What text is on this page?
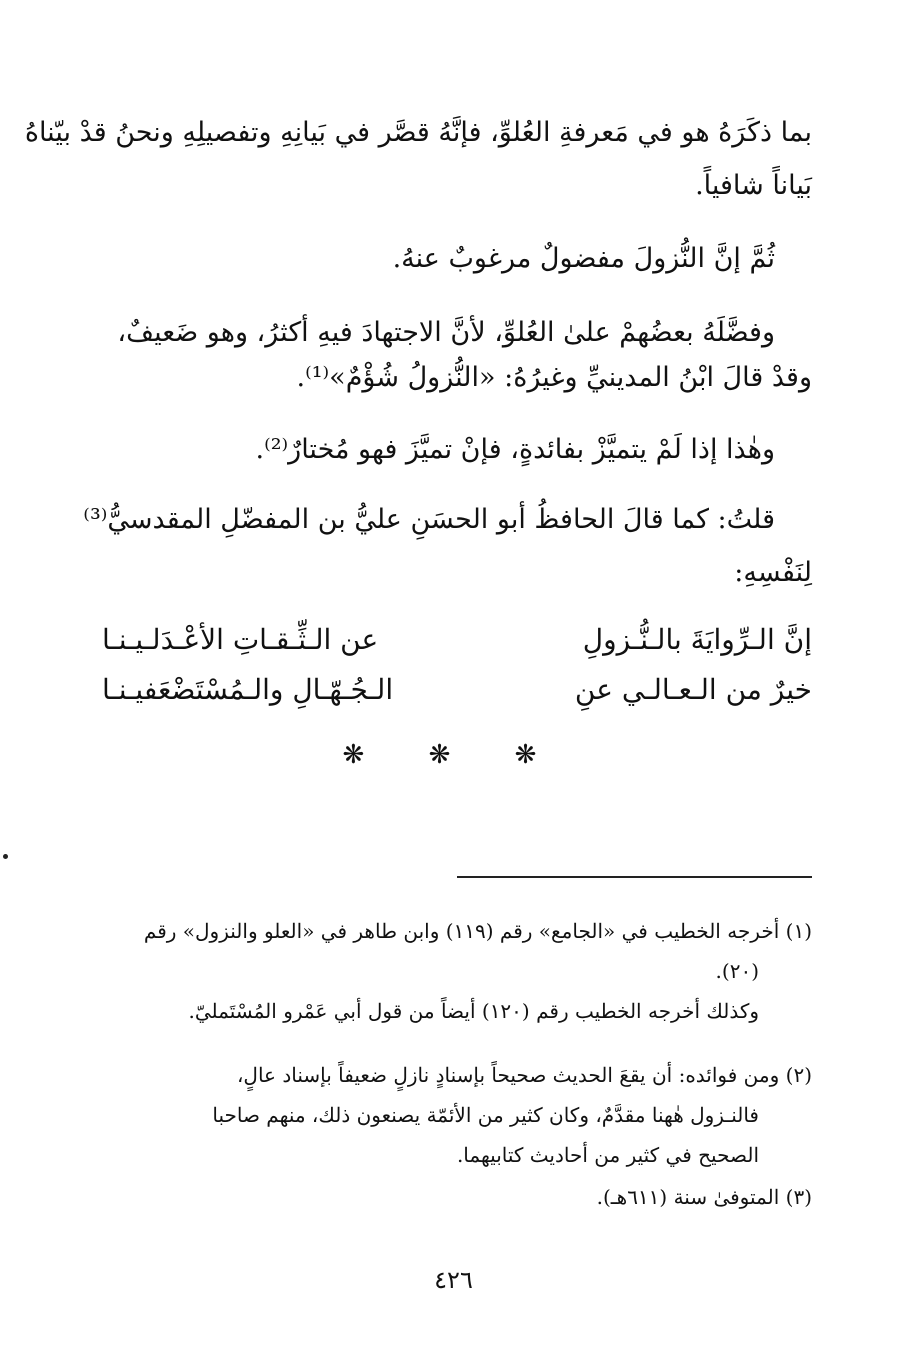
بما ذكَرَهُ هو في مَعرفةِ العُلوِّ، فإنَّهُ قصَّر في بَيانِهِ وتفصيلِهِ ونحنُ قدْ بيّناهُ
بَياناً شافياً.
ثُمَّ إنَّ النُّزولَ مفضولٌ مرغوبٌ عنهُ.
وفضَّلَهُ بعضُهمْ علىٰ العُلوِّ، لأنَّ الاجتهادَ فيهِ أكثرُ، وهو ضَعيفٌ،
وقدْ قالَ ابْنُ المدينيِّ وغيرُهُ: «النُّزولُ شُؤْمٌ»⁽¹⁾.
وهٰذا إذا لَمْ يتميَّزْ بفائدةٍ، فإنْ تميَّزَ فهو مُختارٌ⁽²⁾.
قلتُ: كما قالَ الحافظُ أبو الحسَنِ عليُّ بن المفضّلِ المقدسيُّ⁽³⁾
لِنَفْسِهِ:
إنَّ الـرِّوايَةَ بالـنُّـزولِ
عن الـثِّـقـاتِ الأعْـدَلـيـنـا
خيرٌ من الـعـالـي عنِ
الـجُـهّـالِ والـمُسْتَضْعَفيـنـا
❋ ❋ ❋
(١) أخرجه الخطيب في «الجامع» رقم (١١٩) وابن طاهر في «العلو والنزول» رقم
(٢٠).
وكذلك أخرجه الخطيب رقم (١٢٠) أيضاً من قول أبي عَمْرو المُسْتَمليّ.
(٢) ومن فوائده: أن يقعَ الحديث صحيحاً بإسنادٍ نازلٍ ضعيفاً بإسناد عالٍ،
فالنـزول هٰهنا مقدَّمٌ، وكان كثير من الأئمّة يصنعون ذلك، منهم صاحبا
الصحيح في كثير من أحاديث كتابيهما.
(٣) المتوفىٰ سنة (٦١١هـ).
٤٢٦
